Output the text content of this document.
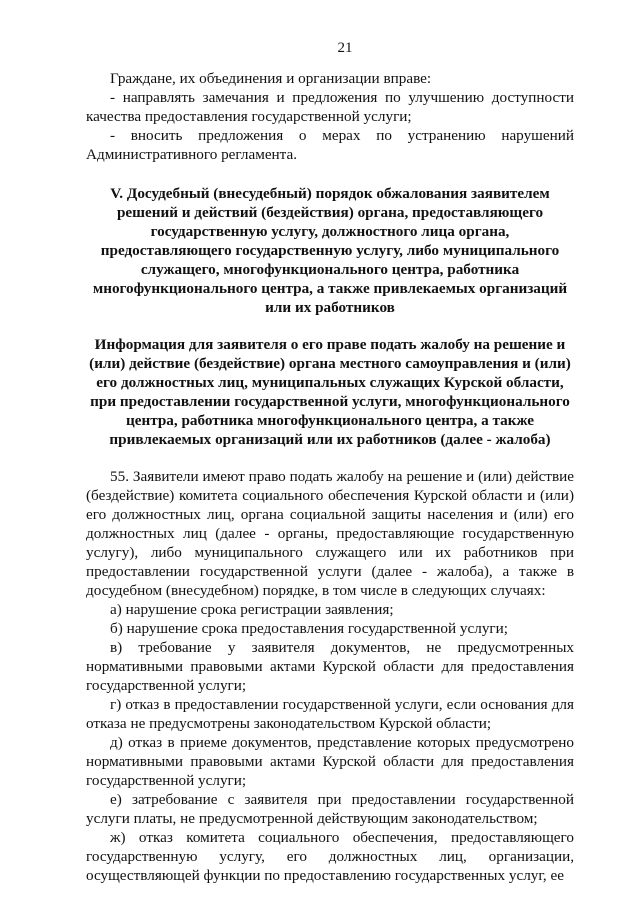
21

Граждане, их объединения и организации вправе:

- направлять замечания и предложения по улучшению доступности качества предоставления государственной услуги;

- вносить предложения о мерах по устранению нарушений Административного регламента.

V. Досудебный (внесудебный) порядок обжалования заявителем решений и действий (бездействия) органа, предоставляющего государственную услугу, должностного лица органа, предоставляющего государственную услугу, либо муниципального служащего, многофункционального центра, работника многофункционального центра, а также привлекаемых организаций или их работников
Информация для заявителя о его праве подать жалобу на решение и (или) действие (бездействие) органа местного самоуправления и (или) его должностных лиц, муниципальных служащих Курской области, при предоставлении государственной услуги, многофункционального центра, работника многофункционального центра, а также привлекаемых организаций или их работников (далее - жалоба)

55. Заявители имеют право подать жалобу на решение и (или) действие (бездействие) комитета социального обеспечения Курской области и (или) его должностных лиц, органа социальной защиты населения и (или) его должностных лиц (далее - органы, предоставляющие государственную услугу), либо муниципального служащего или их работников при предоставлении государственной услуги (далее - жалоба), а также в досудебном (внесудебном) порядке, в том числе в следующих случаях:

а) нарушение срока регистрации заявления;

б) нарушение срока предоставления государственной услуги;

в) требование у заявителя документов, не предусмотренных нормативными правовыми актами Курской области для предоставления государственной услуги;

г) отказ в предоставлении государственной услуги, если основания для отказа не предусмотрены законодательством Курской области;

д) отказ в приеме документов, представление которых предусмотрено нормативными правовыми актами Курской области для предоставления государственной услуги;

е) затребование с заявителя при предоставлении государственной услуги платы, не предусмотренной действующим законодательством;

ж) отказ комитета социального обеспечения, предоставляющего государственную услугу, его должностных лиц, организации, осуществляющей функции по предоставлению государственных услуг, ее
